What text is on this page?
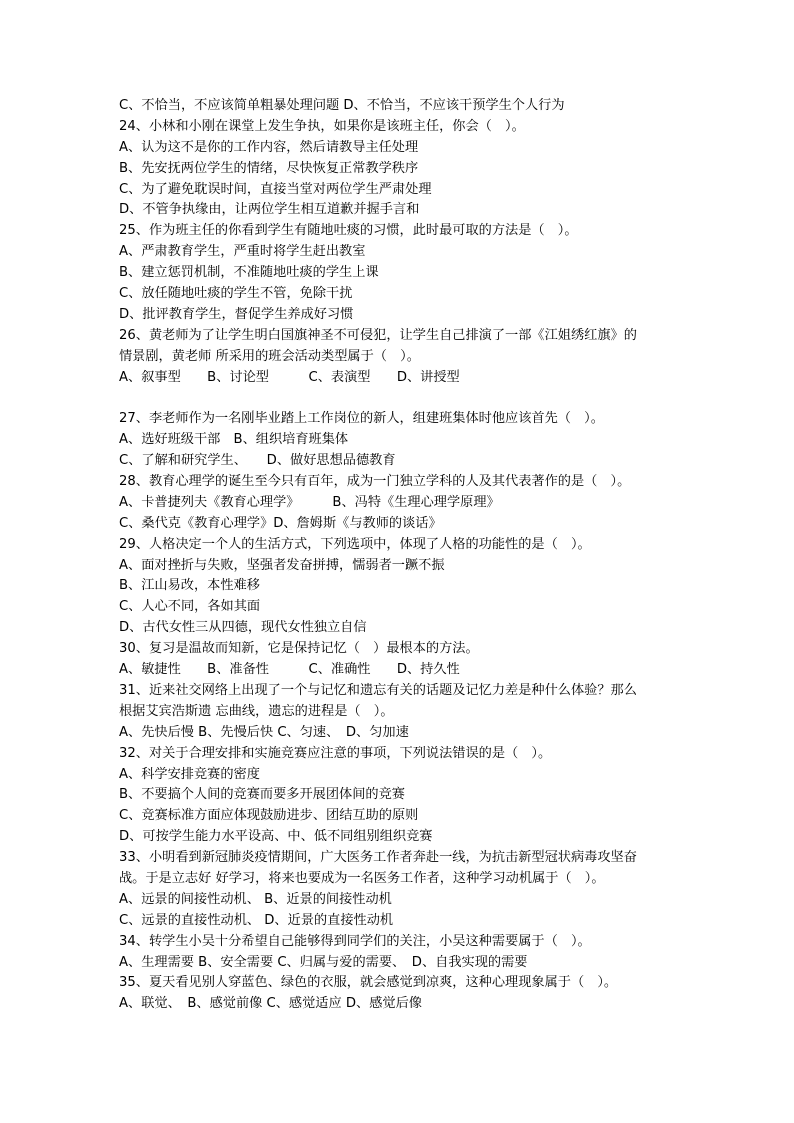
C、不恰当，不应该简单粗暴处理问题 D、不恰当，不应该干预学生个人行为
24、小林和小刚在课堂上发生争执，如果你是该班主任，你会（　）。
A、认为这不是你的工作内容，然后请教导主任处理
B、先安抚两位学生的情绪，尽快恢复正常教学秩序
C、为了避免耽误时间，直接当堂对两位学生严肃处理
D、不管争执缘由，让两位学生相互道歉并握手言和
25、作为班主任的你看到学生有随地吐痰的习惯，此时最可取的方法是（　）。
A、严肃教育学生，严重时将学生赶出教室
B、建立惩罚机制，不准随地吐痰的学生上课
C、放任随地吐痰的学生不管，免除干扰
D、批评教育学生，督促学生养成好习惯
26、黄老师为了让学生明白国旗神圣不可侵犯，让学生自己排演了一部《江姐绣红旗》的
情景剧，黄老师 所采用的班会活动类型属于（　）。
A、叙事型　　B、讨论型　　　C、表演型　　D、讲授型
27、李老师作为一名刚毕业踏上工作岗位的新人，组建班集体时他应该首先（　）。
A、选好班级干部　B、组织培育班集体
C、了解和研究学生、　　D、做好思想品德教育
28、教育心理学的诞生至今只有百年，成为一门独立学科的人及其代表著作的是（　）。
A、卡普捷列夫《教育心理学》　　　B、冯特《生理心理学原理》
C、桑代克《教育心理学》D、詹姆斯《与教师的谈话》
29、人格决定一个人的生活方式，下列选项中，体现了人格的功能性的是（　）。
A、面对挫折与失败，坚强者发奋拼搏，懦弱者一蹶不振
B、江山易改，本性难移
C、人心不同，各如其面
D、古代女性三从四德，现代女性独立自信
30、复习是温故而知新，它是保持记忆（　）最根本的方法。
A、敏捷性　　B、准备性　　　C、准确性　　D、持久性
31、近来社交网络上出现了一个与记忆和遗忘有关的话题及记忆力差是种什么体验？那么
根据艾宾浩斯遗 忘曲线，遗忘的进程是（　）。
A、先快后慢 B、先慢后快 C、匀速、　D、匀加速
32、对关于合理安排和实施竞赛应注意的事项，下列说法错误的是（　）。
A、科学安排竞赛的密度
B、不要搞个人间的竞赛而要多开展团体间的竞赛
C、竞赛标准方面应体现鼓励进步、团结互助的原则
D、可按学生能力水平设高、中、低不同组别组织竞赛
33、小明看到新冠肺炎疫情期间，广大医务工作者奔赴一线，为抗击新型冠状病毒攻坚奋
战。于是立志好 好学习，将来也要成为一名医务工作者，这种学习动机属于（　）。
A、远景的间接性动机、 B、近景的间接性动机
C、远景的直接性动机、 D、近景的直接性动机
34、转学生小吴十分希望自己能够得到同学们的关注，小吴这种需要属于（　）。
A、生理需要 B、安全需要 C、归属与爱的需要、　D、自我实现的需要
35、夏天看见别人穿蓝色、绿色的衣服，就会感觉到凉爽，这种心理现象属于（　）。
A、联觉、　B、感觉前像 C、感觉适应 D、感觉后像
